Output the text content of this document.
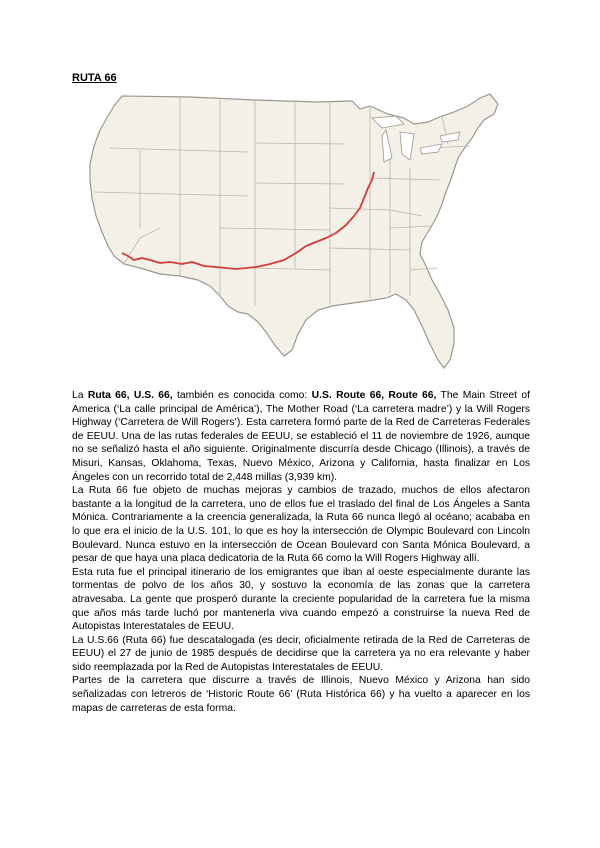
RUTA 66

La Ruta 66, U.S. 66, también es conocida como: U.S. Route 66, Route 66, The Main Street of America (‘La calle principal de América’), The Mother Road (‘La carretera madre’) y la Will Rogers Highway (‘Carretera de Will Rogers’). Esta carretera formó parte de la Red de Carreteras Federales de EEUU. Una de las rutas federales de EEUU, se estableció el 11 de noviembre de 1926, aunque no se señalizó hasta el año siguiente. Originalmente discurría desde Chicago (Illinois), a través de Misuri, Kansas, Oklahoma, Texas, Nuevo México, Arizona y California, hasta finalizar en Los Ángeles con un recorrido total de 2,448 millas (3,939 km).

La Ruta 66 fue objeto de muchas mejoras y cambios de trazado, muchos de ellos afectaron bastante a la longitud de la carretera, uno de ellos fue el traslado del final de Los Ángeles a Santa Mónica. Contrariamente a la creencia generalizada, la Ruta 66 nunca llegó al océano; acababa en lo que era el inicio de la U.S. 101, lo que es hoy la intersección de Olympic Boulevard con Lincoln Boulevard. Nunca estuvo en la intersección de Ocean Boulevard con Santa Mónica Boulevard, a pesar de que haya una placa dedicatoria de la Ruta 66 como la Will Rogers Highway allí.

Esta ruta fue el principal itinerario de los emigrantes que iban al oeste especialmente durante las tormentas de polvo de los años 30, y sostuvo la economía de las zonas que la carretera atravesaba. La gente que prosperó durante la creciente popularidad de la carretera fue la misma que años más tarde luchó por mantenerla viva cuando empezó a construirse la nueva Red de Autopistas Interestatales de EEUU.

La U.S.66 (Ruta 66) fue descatalogada (es decir, oficialmente retirada de la Red de Carreteras de EEUU) el 27 de junio de 1985 después de decidirse que la carretera ya no era relevante y haber sido reemplazada por la Red de Autopistas Interestatales de EEUU.

Partes de la carretera que discurre a través de Illinois, Nuevo México y Arizona han sido señalizadas con letreros de ‘Historic Route 66’ (Ruta Histórica 66) y ha vuelto a aparecer en los mapas de carreteras de esta forma.
